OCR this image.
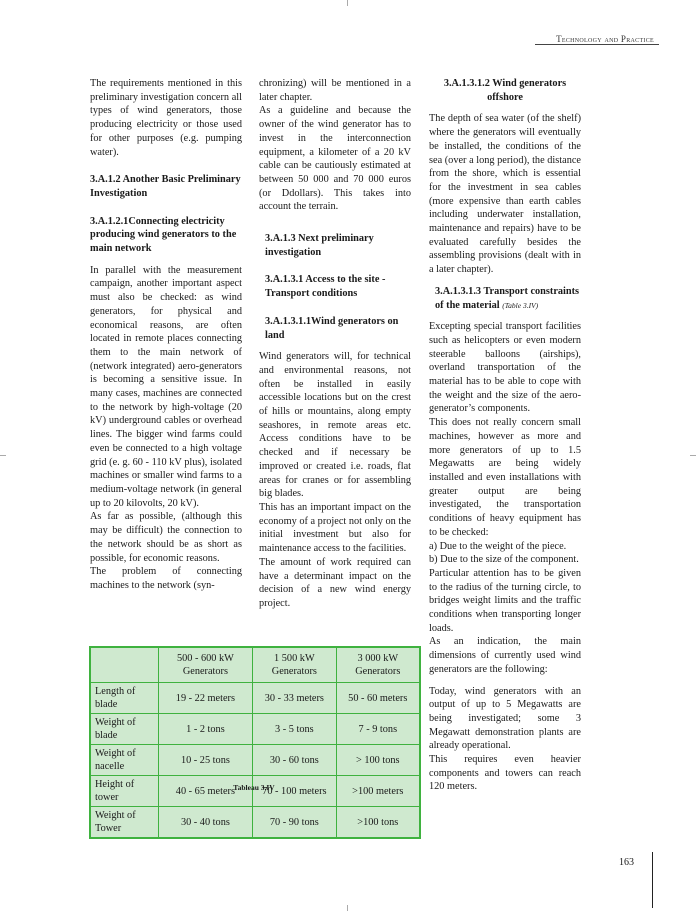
Technology and Practice

The requirements mentioned in this preliminary investigation concern all types of wind generators, those producing electricity or those used for other purposes (e.g. pumping water).

3.A.1.2 Another Basic Preliminary Investigation
3.A.1.2.1Connecting electricity producing wind generators to the main network

In parallel with the measurement campaign, another important aspect must also be checked: as wind generators, for physical and economical reasons, are often located in remote places connecting them to the main network of (network integrated) aero-generators is becoming a sensitive issue. In many cases, machines are connected to the network by high-voltage (20 kV) underground cables or overhead lines. The bigger wind farms could even be connected to a high voltage grid (e. g. 60 - 110 kV plus), isolated machines or smaller wind farms to a medium-voltage network (in general up to 20 kilovolts, 20 kV).

As far as possible, (although this may be difficult) the connection to the network should be as short as possible, for economic reasons.

The problem of connecting machines to the network (syn-

chronizing) will be mentioned in a later chapter.

As a guideline and because the owner of the wind generator has to invest in the interconnection equipment, a kilometer of a 20 kV cable can be cautiously estimated at between 50 000 and 70 000 euros (or Ddollars). This takes into account the terrain.

3.A.1.3 Next preliminary investigation
3.A.1.3.1 Access to the site - Transport conditions
3.A.1.3.1.1Wind generators on land

Wind generators will, for technical and environmental reasons, not often be installed in easily accessible locations but on the crest of hills or mountains, along empty seashores, in remote areas etc. Access conditions have to be checked and if necessary be improved or created i.e. roads, flat areas for cranes or for assembling big blades.

This has an important impact on the economy of a project not only on the initial investment but also for maintenance access to the facilities.

The amount of work required can have a determinant impact on the decision of a new wind energy project.

3.A.1.3.1.2 Wind generators offshore

The depth of sea water (of the shelf) where the generators will eventually be installed, the conditions of the sea (over a long period), the distance from the shore, which is essential for the investment in sea cables (more expensive than earth cables including underwater installation, maintenance and repairs) have to be evaluated carefully besides the assembling provisions (dealt with in a later chapter).

3.A.1.3.1.3 Transport constraints of the material (Table 3.IV)

Excepting special transport facilities such as helicopters or even modern steerable balloons (airships), overland transportation of the material has to be able to cope with the weight and the size of the aero-generator’s components.

This does not really concern small machines, however as more and more generators of up to 1.5 Megawatts are being widely installed and even installations with greater output are being investigated, the transportation conditions of heavy equipment has to be checked:

a) Due to the weight of the piece.

b) Due to the size of the component.

Particular attention has to be given to the radius of the turning circle, to bridges weight limits and the traffic conditions when transporting longer loads.

As an indication, the main dimensions of currently used wind generators are the following:

Today, wind generators with an output of up to 5 Megawatts are being investigated; some 3 Megawatt demonstration plants are already operational.

This requires even heavier components and towers can reach 120 meters.

	500 - 600 kW Generators	1 500 kW Generators	3 000 kW Generators
Length of blade	19 - 22 meters	30 - 33 meters	50 - 60 meters
Weight of blade	1 - 2 tons	3 - 5 tons	7 - 9 tons
Weight of nacelle	10 - 25 tons	30 - 60 tons	> 100 tons
Height of tower	40 - 65 meters	70 - 100 meters	>100 meters
Weight of Tower	30 - 40 tons	70 - 90 tons	>100 tons
Tableau 3.IV
163
